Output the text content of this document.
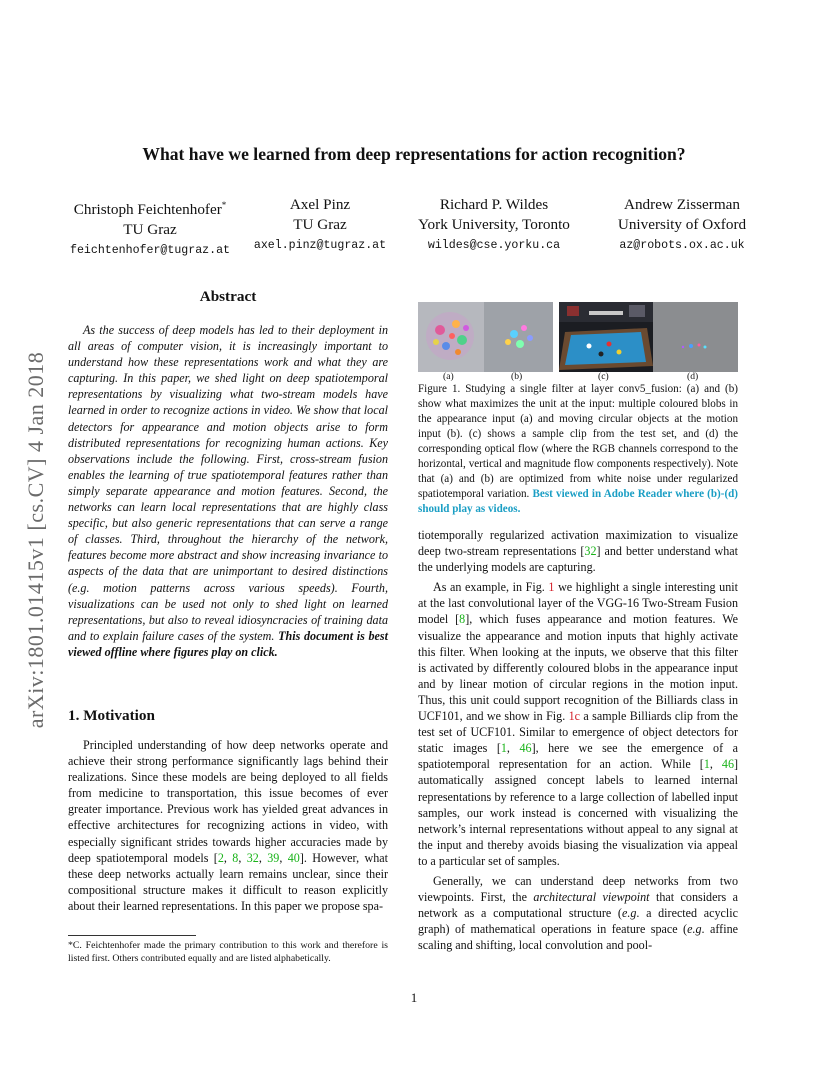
What have we learned from deep representations for action recognition?
Christoph Feichtenhofer*
TU Graz
feichtenhofer@tugraz.at
Axel Pinz
TU Graz
axel.pinz@tugraz.at
Richard P. Wildes
York University, Toronto
wildes@cse.yorku.ca
Andrew Zisserman
University of Oxford
az@robots.ox.ac.uk
arXiv:1801.01415v1 [cs.CV] 4 Jan 2018
Abstract

As the success of deep models has led to their deployment in all areas of computer vision, it is increasingly important to understand how these representations work and what they are capturing. In this paper, we shed light on deep spatiotemporal representations by visualizing what two-stream models have learned in order to recognize actions in video. We show that local detectors for appearance and motion objects arise to form distributed representations for recognizing human actions. Key observations include the following. First, cross-stream fusion enables the learning of true spatiotemporal features rather than simply separate appearance and motion features. Second, the networks can learn local representations that are highly class specific, but also generic representations that can serve a range of classes. Third, throughout the hierarchy of the network, features become more abstract and show increasing invariance to aspects of the data that are unimportant to desired distinctions (e.g. motion patterns across various speeds). Fourth, visualizations can be used not only to shed light on learned representations, but also to reveal idiosyncracies of training data and to explain failure cases of the system. This document is best viewed offline where figures play on click.

1. Motivation

Principled understanding of how deep networks operate and achieve their strong performance significantly lags behind their realizations. Since these models are being deployed to all fields from medicine to transportation, this issue becomes of ever greater importance. Previous work has yielded great advances in effective architectures for recognizing actions in video, with especially significant strides towards higher accuracies made by deep spatiotemporal models [2, 8, 32, 39, 40]. However, what these deep networks actually learn remains unclear, since their compositional structure makes it difficult to reason explicitly about their learned representations. In this paper we propose spa-

*C. Feichtenhofer made the primary contribution to this work and therefore is listed first. Others contributed equally and are listed alphabetically.
(a)	(b)	(c)	(d)
Figure 1. Studying a single filter at layer conv5_fusion: (a) and (b) show what maximizes the unit at the input: multiple coloured blobs in the appearance input (a) and moving circular objects at the motion input (b). (c) shows a sample clip from the test set, and (d) the corresponding optical flow (where the RGB channels correspond to the horizontal, vertical and magnitude flow components respectively). Note that (a) and (b) are optimized from white noise under regularized spatiotemporal variation. Best viewed in Adobe Reader where (b)-(d) should play as videos.

tiotemporally regularized activation maximization to visualize deep two-stream representations [32] and better understand what the underlying models are capturing.

As an example, in Fig. 1 we highlight a single interesting unit at the last convolutional layer of the VGG-16 Two-Stream Fusion model [8], which fuses appearance and motion features. We visualize the appearance and motion inputs that highly activate this filter. When looking at the inputs, we observe that this filter is activated by differently coloured blobs in the appearance input and by linear motion of circular regions in the motion input. Thus, this unit could support recognition of the Billiards class in UCF101, and we show in Fig. 1c a sample Billiards clip from the test set of UCF101. Similar to emergence of object detectors for static images [1, 46], here we see the emergence of a spatiotemporal representation for an action. While [1, 46] automatically assigned concept labels to learned internal representations by reference to a large collection of labelled input samples, our work instead is concerned with visualizing the network’s internal representations without appeal to any signal at the input and thereby avoids biasing the visualization via appeal to a particular set of samples.

Generally, we can understand deep networks from two viewpoints. First, the architectural viewpoint that considers a network as a computational structure (e.g. a directed acyclic graph) of mathematical operations in feature space (e.g. affine scaling and shifting, local convolution and pool-

1
